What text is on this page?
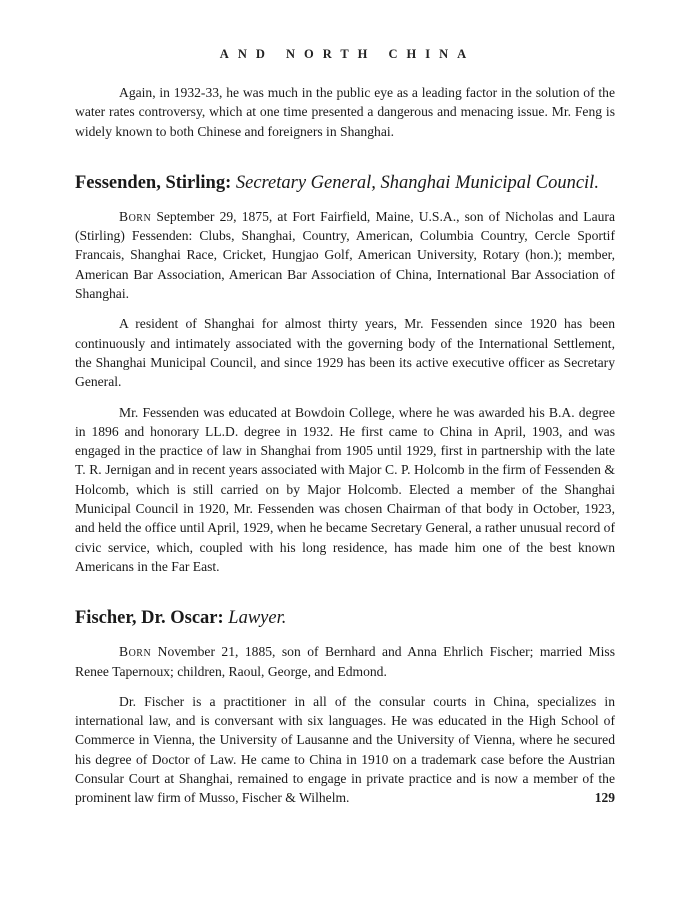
AND NORTH CHINA

Again, in 1932-33, he was much in the public eye as a leading factor in the solution of the water rates controversy, which at one time presented a dangerous and menacing issue. Mr. Feng is widely known to both Chinese and foreigners in Shanghai.

Fessenden, Stirling: Secretary General, Shanghai Municipal Council.

Born September 29, 1875, at Fort Fairfield, Maine, U.S.A., son of Nicholas and Laura (Stirling) Fessenden: Clubs, Shanghai, Country, American, Columbia Country, Cercle Sportif Francais, Shanghai Race, Cricket, Hungjao Golf, American University, Rotary (hon.); member, American Bar Association, American Bar Association of China, International Bar Association of Shanghai.

A resident of Shanghai for almost thirty years, Mr. Fessenden since 1920 has been continuously and intimately associated with the governing body of the International Settlement, the Shanghai Municipal Council, and since 1929 has been its active executive officer as Secretary General.

Mr. Fessenden was educated at Bowdoin College, where he was awarded his B.A. degree in 1896 and honorary LL.D. degree in 1932. He first came to China in April, 1903, and was engaged in the practice of law in Shanghai from 1905 until 1929, first in partnership with the late T. R. Jernigan and in recent years associated with Major C. P. Holcomb in the firm of Fessenden & Holcomb, which is still carried on by Major Holcomb. Elected a member of the Shanghai Municipal Council in 1920, Mr. Fessenden was chosen Chairman of that body in October, 1923, and held the office until April, 1929, when he became Secretary General, a rather unusual record of civic service, which, coupled with his long residence, has made him one of the best known Americans in the Far East.

Fischer, Dr. Oscar: Lawyer.

Born November 21, 1885, son of Bernhard and Anna Ehrlich Fischer; married Miss Renee Tapernoux; children, Raoul, George, and Edmond.

Dr. Fischer is a practitioner in all of the consular courts in China, specializes in international law, and is conversant with six languages. He was educated in the High School of Commerce in Vienna, the University of Lausanne and the University of Vienna, where he secured his degree of Doctor of Law. He came to China in 1910 on a trademark case before the Austrian Consular Court at Shanghai, remained to engage in private practice and is now a member of the prominent law firm of Musso, Fischer & Wilhelm.	129
